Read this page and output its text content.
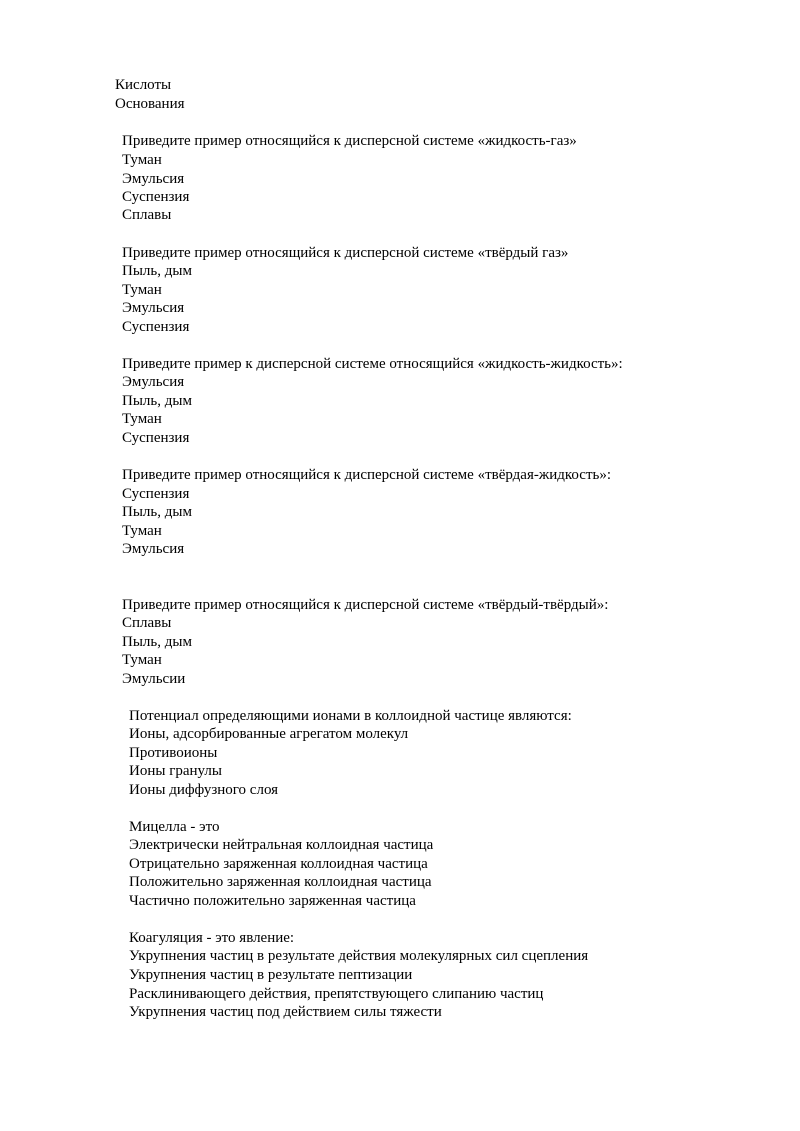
Кислоты
Основания
Приведите пример относящийся к дисперсной системе «жидкость-газ»
Туман
Эмульсия
Суспензия
Сплавы
Приведите пример относящийся к дисперсной системе «твёрдый газ»
Пыль, дым
Туман
Эмульсия
Суспензия
Приведите пример к дисперсной системе относящийся «жидкость-жидкость»:
Эмульсия
Пыль, дым
Туман
Суспензия
Приведите пример относящийся к дисперсной системе «твёрдая-жидкость»:
Суспензия
Пыль, дым
Туман
Эмульсия
Приведите пример относящийся к дисперсной системе «твёрдый-твёрдый»:
Сплавы
Пыль, дым
Туман
Эмульсии
Потенциал определяющими ионами в коллоидной частице являются:
Ионы, адсорбированные агрегатом молекул
Противоионы
Ионы гранулы
Ионы диффузного слоя
Мицелла - это
Электрически нейтральная коллоидная частица
Отрицательно заряженная коллоидная частица
Положительно заряженная коллоидная частица
Частично положительно заряженная частица
Коагуляция - это явление:
Укрупнения частиц в результате действия молекулярных сил сцепления
Укрупнения частиц в результате пептизации
Расклинивающего действия, препятствующего слипанию частиц
Укрупнения частиц под действием силы тяжести
